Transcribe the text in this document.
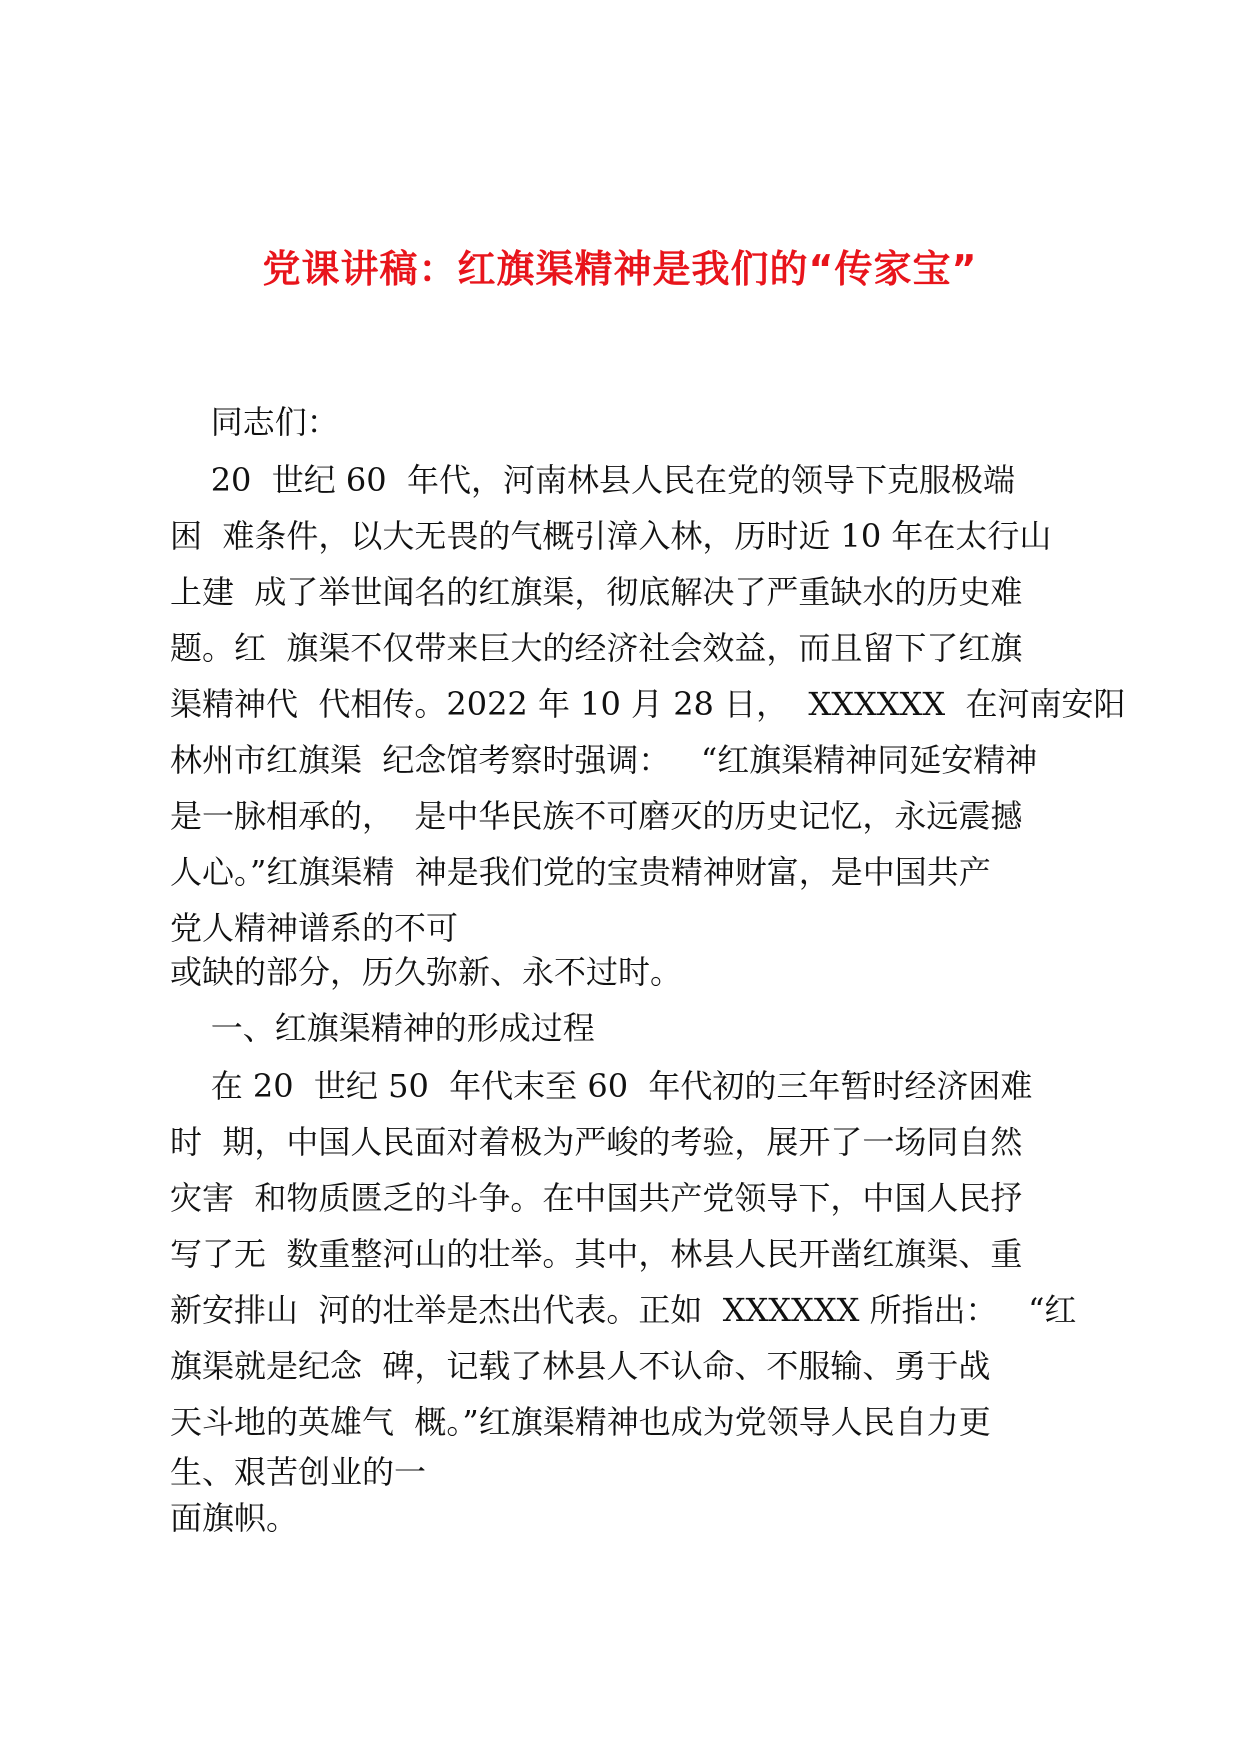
党课讲稿：红旗渠精神是我们的“传家宝”
同志们：
20  世纪 60  年代，河南林县人民在党的领导下克服极端
困  难条件，以大无畏的气概引漳入林，历时近 10 年在太行山
上建  成了举世闻名的红旗渠，彻底解决了严重缺水的历史难
题。红  旗渠不仅带来巨大的经济社会效益，而且留下了红旗
渠精神代  代相传。2022 年 10 月 28 日，  XXXXXX  在河南安阳
林州市红旗渠  纪念馆考察时强调：   “红旗渠精神同延安精神
是一脉相承的，  是中华民族不可磨灭的历史记忆，永远震撼
人心。”红旗渠精  神是我们党的宝贵精神财富，是中国共产
党人精神谱系的不可
或缺的部分，历久弥新、永不过时。
一、红旗渠精神的形成过程
在 20  世纪 50  年代末至 60  年代初的三年暂时经济困难
时  期，中国人民面对着极为严峻的考验，展开了一场同自然
灾害  和物质匮乏的斗争。在中国共产党领导下，中国人民抒
写了无  数重整河山的壮举。其中，林县人民开凿红旗渠、重
新安排山  河的壮举是杰出代表。正如  XXXXXX 所指出：   “红
旗渠就是纪念  碑，记载了林县人不认命、不服输、勇于战
天斗地的英雄气  概。”红旗渠精神也成为党领导人民自力更
生、艰苦创业的一
面旗帜。
